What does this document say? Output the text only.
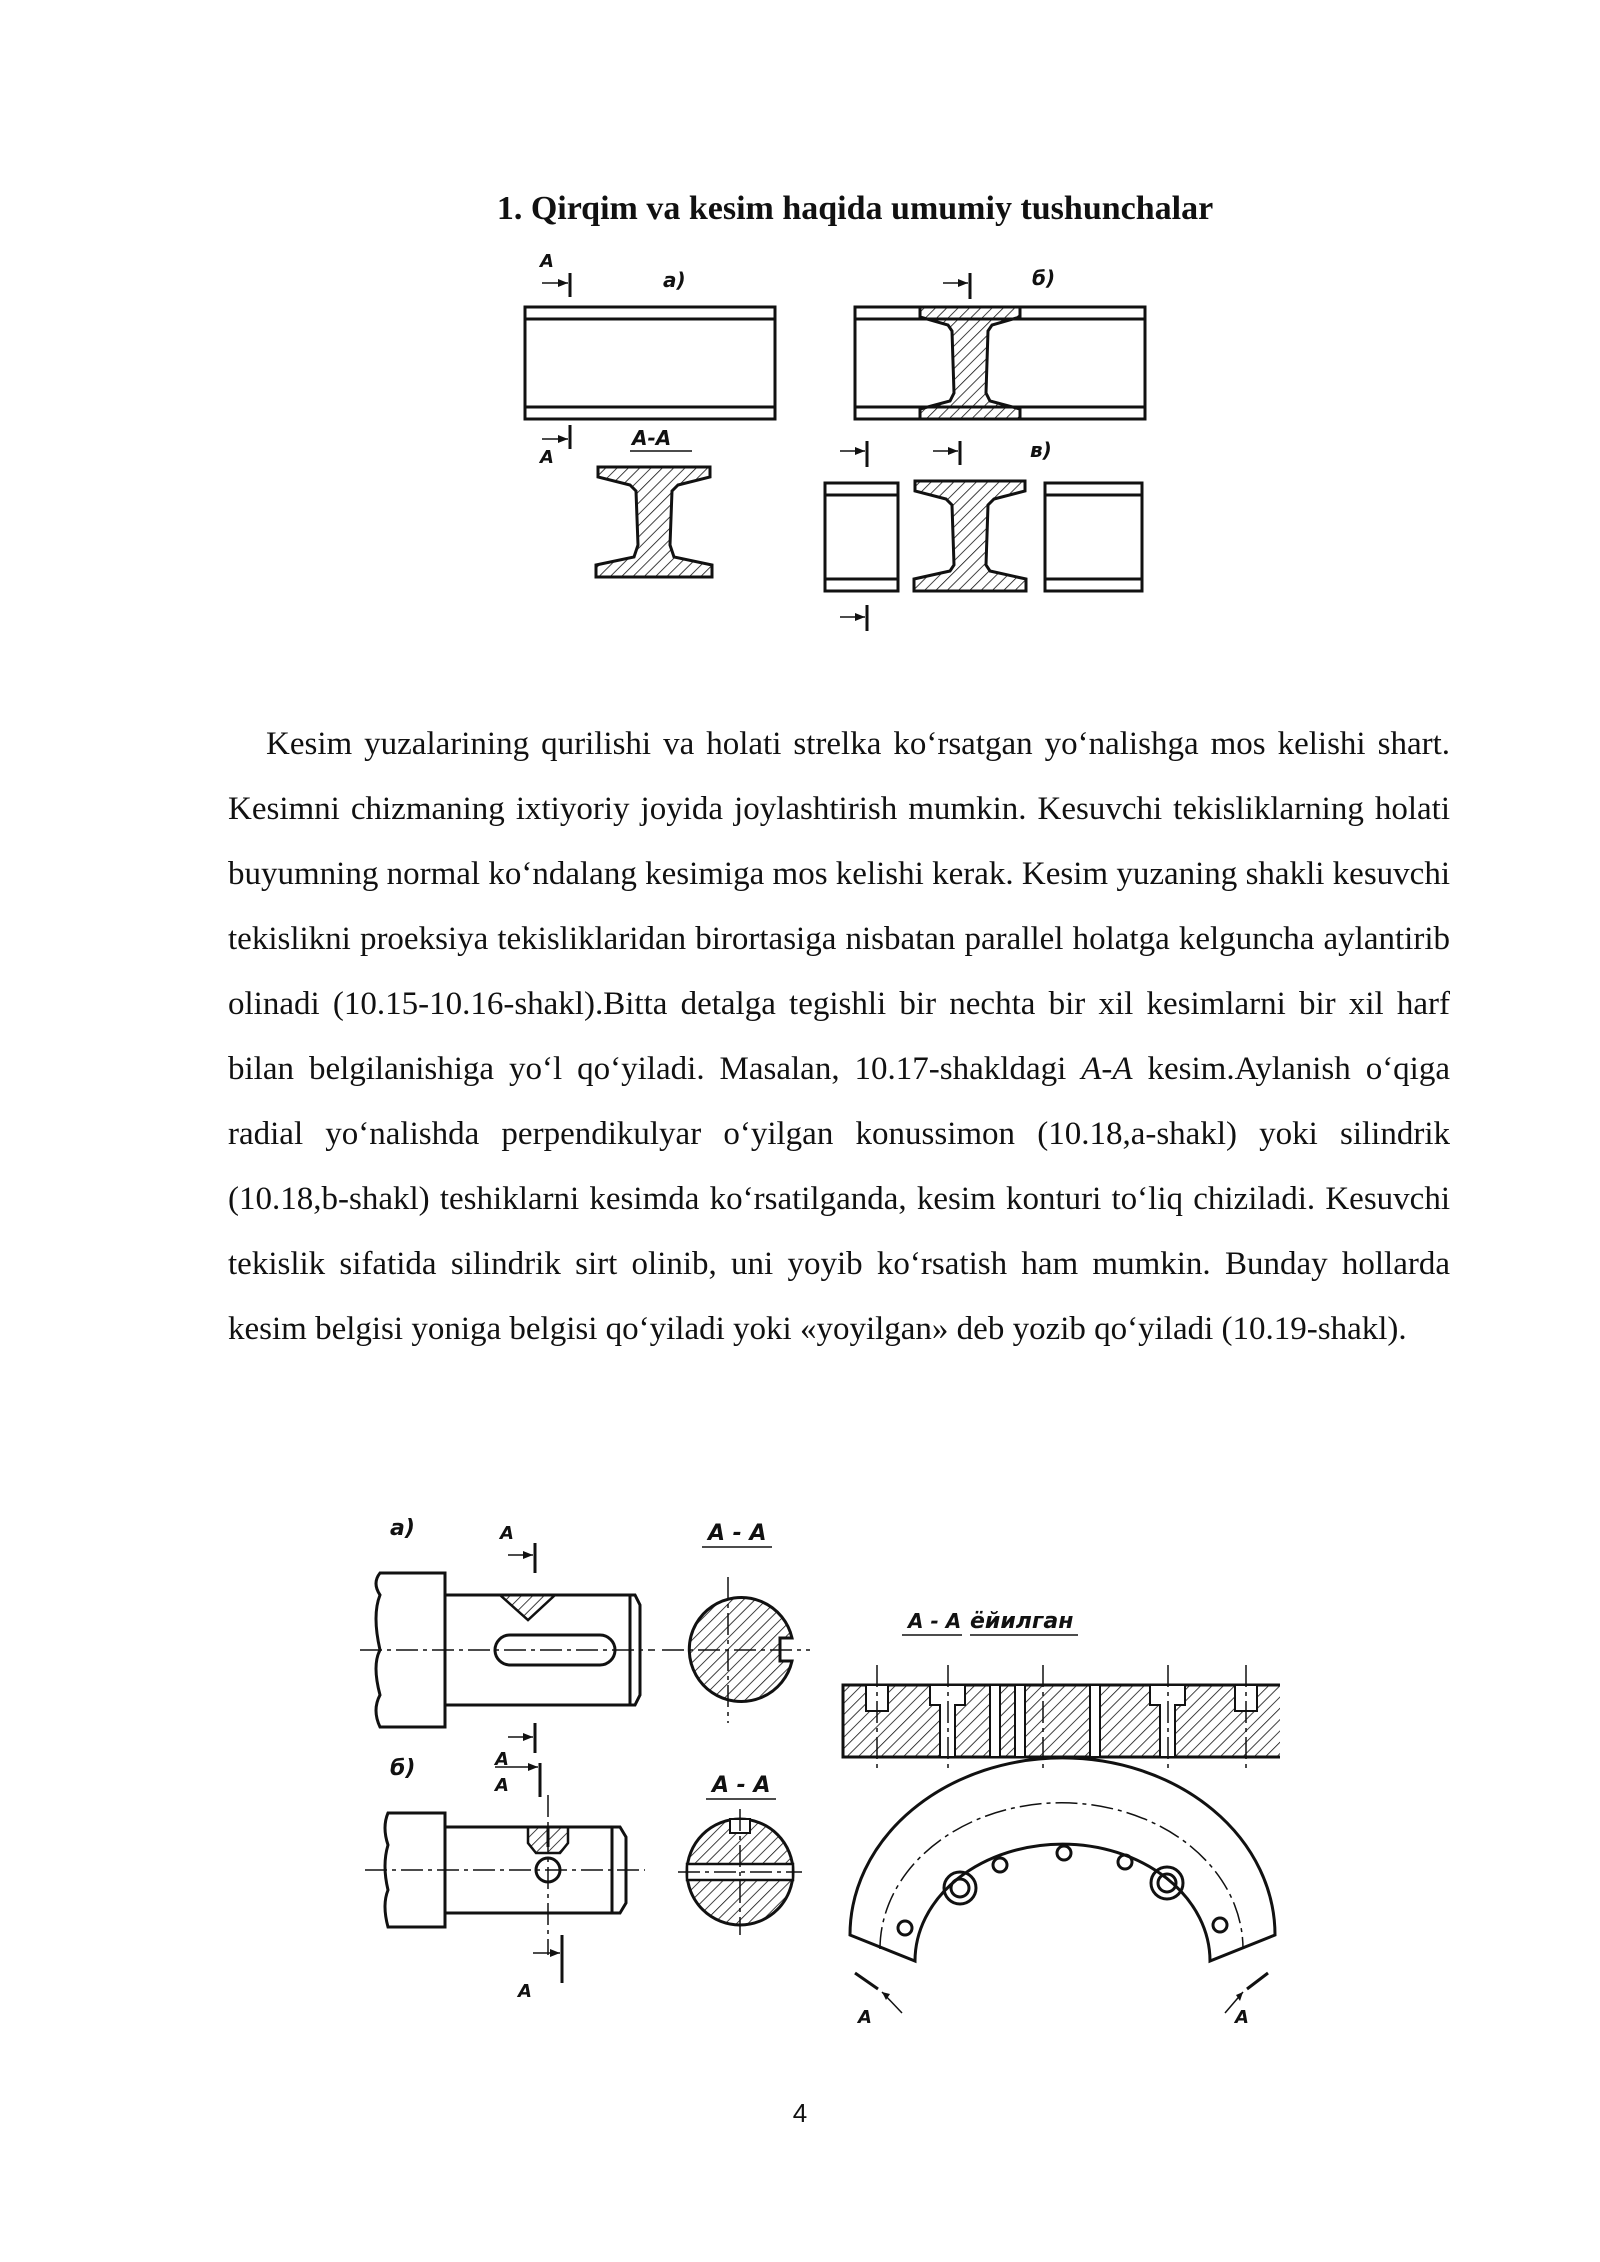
1. Qirqim va kesim haqida umumiy tushunchalar
A
A
a)
A-A
б)
в)

Kesim yuzalarining qurilishi va holati strelka ko‘rsatgan yo‘nalishga mos kelishi shart. Kesimni chizmaning ixtiyoriy joyida joylashtirish mumkin. Kesuvchi tekisliklarning holati buyumning normal ko‘ndalang kesimiga mos kelishi kerak. Kesim yuzaning shakli kesuvchi tekislikni proeksiya tekisliklaridan birortasiga nisbatan parallel holatga kelguncha aylantirib olinadi (10.15-10.16-shakl).Bitta detalga tegishli bir nechta bir xil kesimlarni bir xil harf bilan belgilanishiga yo‘l qo‘yiladi. Masalan, 10.17-shakldagi A-A kesim.Aylanish o‘qiga radial yo‘nalishda perpendikulyar o‘yilgan konussimon (10.18,a-shakl) yoki silindrik (10.18,b-shakl) teshiklarni kesimda ko‘rsatilganda, kesim konturi to‘liq chiziladi. Kesuvchi tekislik sifatida silindrik sirt olinib, uni yoyib ko‘rsatish ham mumkin. Bunday hollarda kesim belgisi yoniga belgisi qo‘yiladi yoki «yoyilgan» deb yozib qo‘yiladi (10.19-shakl).

a)	A
A
A - A
б)
A
A
A - A
A - A ёйилган
A	A

4
